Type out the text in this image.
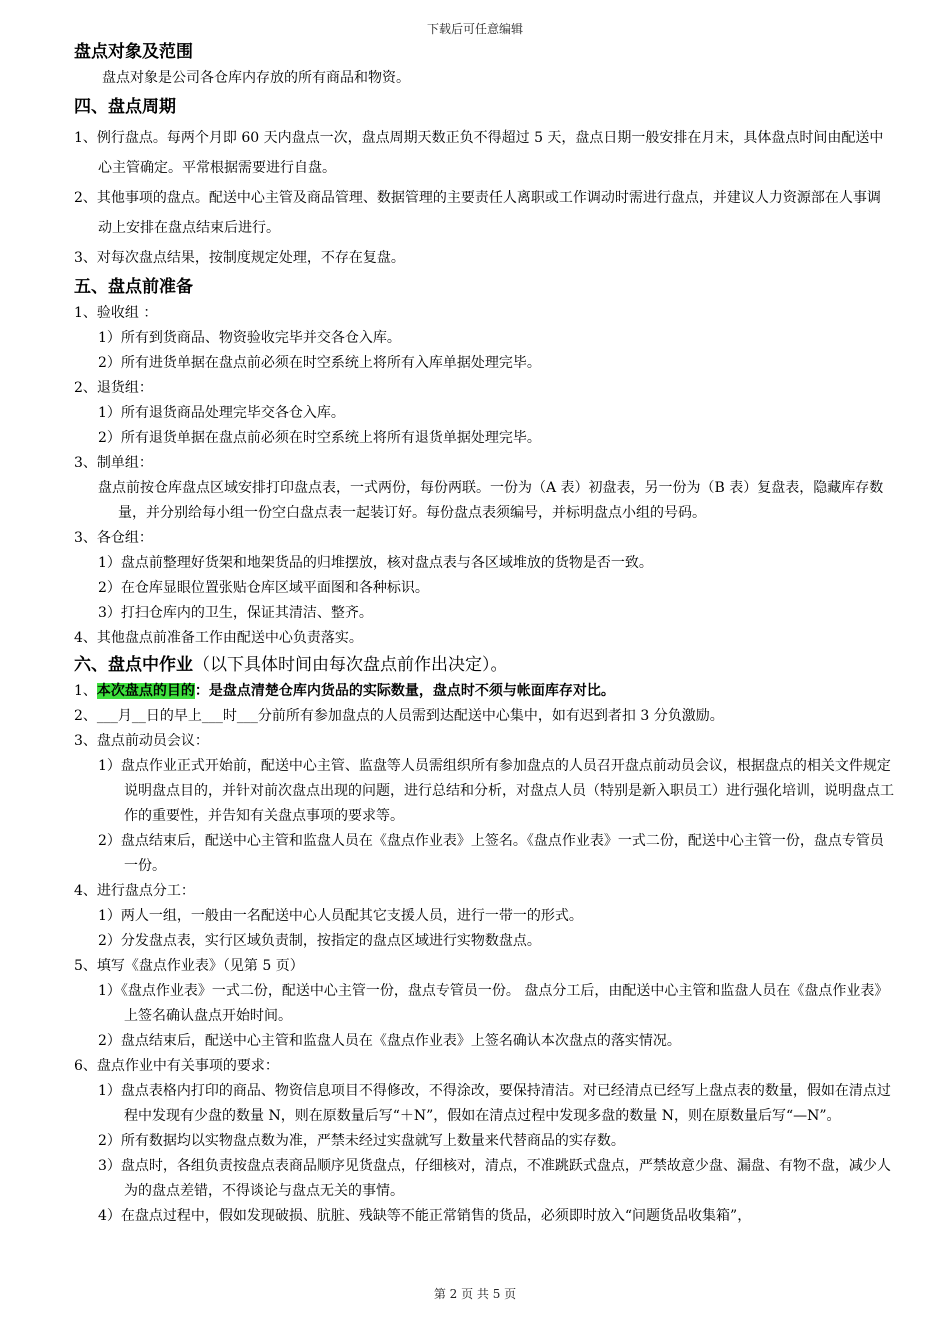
下载后可任意编辑
盘点对象及范围
盘点对象是公司各仓库内存放的所有商品和物资。
四、盘点周期
1、例行盘点。每两个月即 60 天内盘点一次，盘点周期天数正负不得超过 5 天，盘点日期一般安排在月末，具体盘点时间由配送中心主管确定。平常根据需要进行自盘。
2、其他事项的盘点。配送中心主管及商品管理、数据管理的主要责任人离职或工作调动时需进行盘点，并建议人力资源部在人事调动上安排在盘点结束后进行。
3、对每次盘点结果，按制度规定处理，不存在复盘。
五、盘点前准备
1、验收组 ：
1）所有到货商品、物资验收完毕并交各仓入库。
2）所有进货单据在盘点前必须在时空系统上将所有入库单据处理完毕。
2、退货组：
1）所有退货商品处理完毕交各仓入库。
2）所有退货单据在盘点前必须在时空系统上将所有退货单据处理完毕。
3、制单组：
盘点前按仓库盘点区域安排打印盘点表，一式两份，每份两联。一份为（A 表）初盘表，另一份为（B 表）复盘表，隐藏库存数量，并分别给每小组一份空白盘点表一起装订好。每份盘点表须编号，并标明盘点小组的号码。
3、各仓组：
1）盘点前整理好货架和地架货品的归堆摆放，核对盘点表与各区域堆放的货物是否一致。
2）在仓库显眼位置张贴仓库区域平面图和各种标识。
3）打扫仓库内的卫生，保证其清洁、整齐。
4、其他盘点前准备工作由配送中心负责落实。
六、盘点中作业（以下具体时间由每次盘点前作出决定）。
1、本次盘点的目的：是盘点清楚仓库内货品的实际数量，盘点时不须与帐面库存对比。
2、___月__日的早上___时___分前所有参加盘点的人员需到达配送中心集中，如有迟到者扣 3 分负激励。
3、盘点前动员会议：
1）盘点作业正式开始前，配送中心主管、监盘等人员需组织所有参加盘点的人员召开盘点前动员会议，根据盘点的相关文件规定说明盘点目的，并针对前次盘点出现的问题，进行总结和分析，对盘点人员（特别是新入职员工）进行强化培训，说明盘点工作的重要性，并告知有关盘点事项的要求等。
2）盘点结束后，配送中心主管和监盘人员在《盘点作业表》上签名。《盘点作业表》一式二份，配送中心主管一份，盘点专管员一份。
4、进行盘点分工：
1）两人一组，一般由一名配送中心人员配其它支援人员，进行一带一的形式。
2）分发盘点表，实行区域负责制，按指定的盘点区域进行实物数盘点。
5、填写《盘点作业表》（见第 5 页）
1）《盘点作业表》一式二份，配送中心主管一份，盘点专管员一份。 盘点分工后，由配送中心主管和监盘人员在《盘点作业表》上签名确认盘点开始时间。
2）盘点结束后，配送中心主管和监盘人员在《盘点作业表》上签名确认本次盘点的落实情况。
6、盘点作业中有关事项的要求：
1）盘点表格内打印的商品、物资信息项目不得修改，不得涂改，要保持清洁。对已经清点已经写上盘点表的数量，假如在清点过程中发现有少盘的数量 N，则在原数量后写“＋N”，假如在清点过程中发现多盘的数量 N，则在原数量后写“—N”。
2）所有数据均以实物盘点数为准，严禁未经过实盘就写上数量来代替商品的实存数。
3）盘点时，各组负责按盘点表商品顺序见货盘点，仔细核对，清点，不准跳跃式盘点，严禁故意少盘、漏盘、有物不盘，减少人为的盘点差错，不得谈论与盘点无关的事情。
4）在盘点过程中，假如发现破损、肮脏、残缺等不能正常销售的货品，必须即时放入“问题货品收集箱”，
第 2 页 共 5 页
